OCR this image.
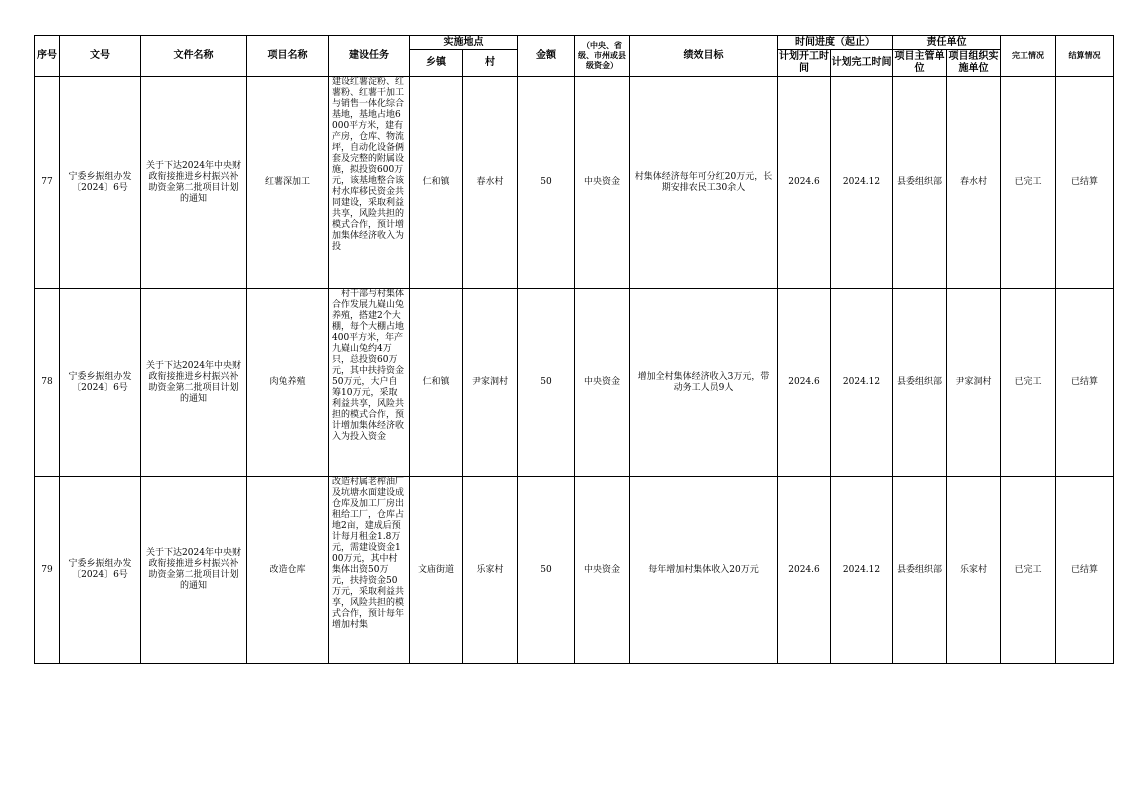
序号	文号	文件名称	项目名称	建设任务	实施地点		金额	（中央、省级、市州或县级资金）	绩效目标	时间进度（起止）		责任单位		完工情况	结算情况
					乡镇	村				计划开工时间	计划完工时间	项目主管单位	项目组织实施单位		
77	宁委乡振组办发〔2024〕6号	关于下达2024年中央财政衔接推进乡村振兴补助资金第二批项目计划的通知	红薯深加工	建设红薯淀粉、红薯粉、红薯干加工与销售一体化综合基地，基地占地6000平方米，建有产房，仓库、物流坪，自动化设备俩套及完整的附属设施，拟投资600万元，该基地整合该村水库移民资金共同建设，采取利益共享，风险共担的模式合作，预计增加集体经济收入为投	仁和镇	春水村	50	中央资金	村集体经济每年可分红20万元，长期安排农民工30余人	2024.6	2024.12	县委组织部	春水村	已完工	已结算
78	宁委乡振组办发〔2024〕6号	关于下达2024年中央财政衔接推进乡村振兴补助资金第二批项目计划的通知	肉兔养殖	　村干部与村集体合作发展九嶷山兔养殖，搭建2个大棚，每个大棚占地400平方米，年产九嶷山兔约4万只，总投资60万元，其中扶持资金50万元，大户自筹10万元，采取利益共享，风险共担的模式合作，预计增加集体经济收入为投入资金	仁和镇	尹家洞村	50	中央资金	增加全村集体经济收入3万元，带动务工人员9人	2024.6	2024.12	县委组织部	尹家洞村	已完工	已结算
79	宁委乡振组办发〔2024〕6号	关于下达2024年中央财政衔接推进乡村振兴补助资金第二批项目计划的通知	改造仓库	改造村属老榨油厂及坑塘水面建设成仓库及加工厂房出租给工厂，仓库占地2亩，建成后预计每月租金1.8万元，需建设资金100万元，其中村集体出资50万元，扶持资金50万元，采取利益共享，风险共担的模式合作，预计每年增加村集	文庙街道	乐家村	50	中央资金	每年增加村集体收入20万元	2024.6	2024.12	县委组织部	乐家村	已完工	已结算
